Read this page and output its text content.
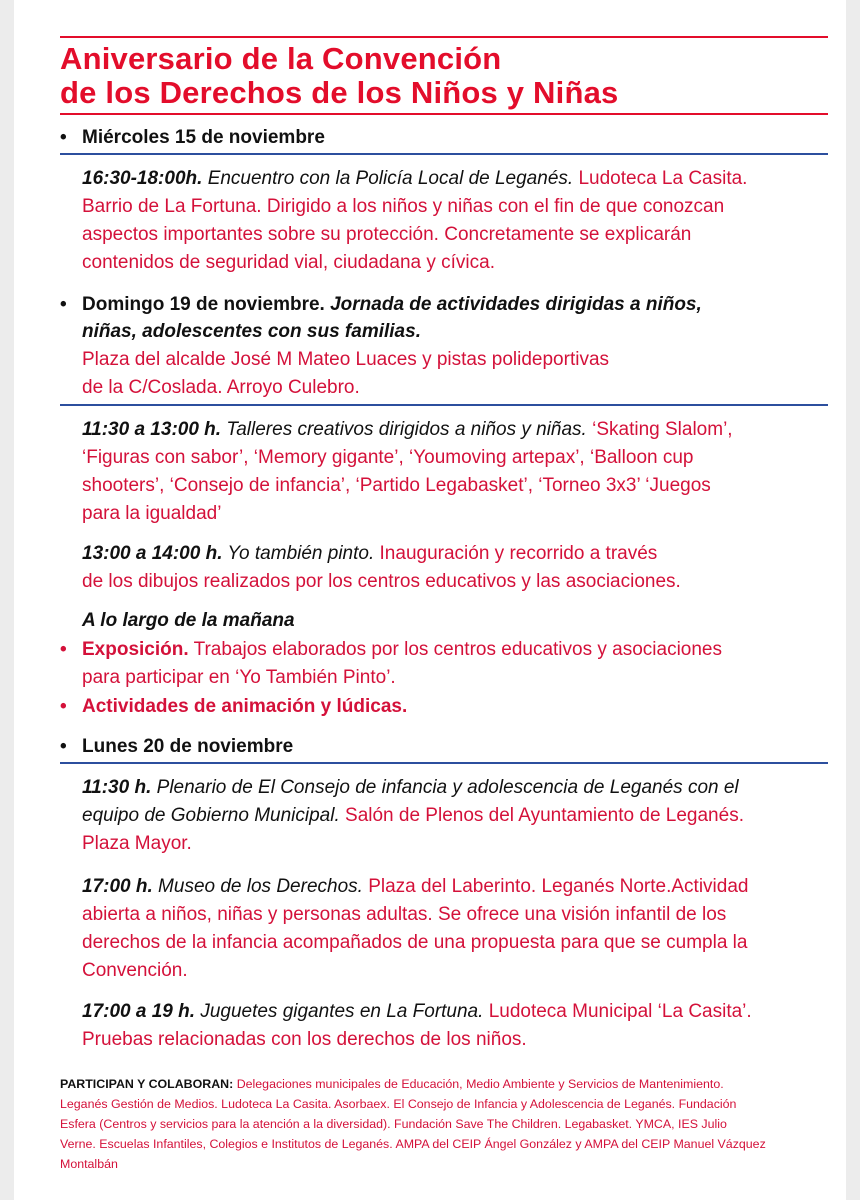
Aniversario de la Convención
de los Derechos de los Niños y Niñas
• Miércoles 15 de noviembre
16:30-18:00h. Encuentro con la Policía Local de Leganés. Ludoteca La Casita.
Barrio de La Fortuna. Dirigido a los niños y niñas con el fin de que conozcan
aspectos importantes sobre su protección. Concretamente se explicarán
contenidos de seguridad vial, ciudadana y cívica.
• Domingo 19 de noviembre. Jornada de actividades dirigidas a niños,
niñas, adolescentes con sus familias.
Plaza del alcalde José M Mateo Luaces y pistas polideportivas
de la C/Coslada. Arroyo Culebro.
11:30 a 13:00 h. Talleres creativos dirigidos a niños y niñas. ‘Skating Slalom’,
‘Figuras con sabor’, ‘Memory gigante’, ‘Youmoving artepax’, ‘Balloon cup
shooters’, ‘Consejo de infancia’, ‘Partido Legabasket’, ‘Torneo 3x3’ ‘Juegos
para la igualdad’
13:00 a 14:00 h. Yo también pinto. Inauguración y recorrido a través
de los dibujos realizados por los centros educativos y las asociaciones.
A lo largo de la mañana
• Exposición. Trabajos elaborados por los centros educativos y asociaciones
para participar en ‘Yo También Pinto’.
• Actividades de animación y lúdicas.
• Lunes 20 de noviembre
11:30 h. Plenario de El Consejo de infancia y adolescencia de Leganés con el
equipo de Gobierno Municipal. Salón de Plenos del Ayuntamiento de Leganés.
Plaza Mayor.
17:00 h. Museo de los Derechos. Plaza del Laberinto. Leganés Norte.Actividad
abierta a niños, niñas y personas adultas. Se ofrece una visión infantil de los
derechos de la infancia acompañados de una propuesta para que se cumpla la
Convención.
17:00 a 19 h. Juguetes gigantes en La Fortuna. Ludoteca Municipal ‘La Casita’.
Pruebas relacionadas con los derechos de los niños.
PARTICIPAN Y COLABORAN: Delegaciones municipales de Educación, Medio Ambiente y Servicios de Mantenimiento.
Leganés Gestión de Medios. Ludoteca La Casita. Asorbaex. El Consejo de Infancia y Adolescencia de Leganés. Fundación
Esfera (Centros y servicios para la atención a la diversidad). Fundación Save The Children. Legabasket. YMCA, IES Julio
Verne. Escuelas Infantiles, Colegios e Institutos de Leganés. AMPA del CEIP Ángel González y AMPA del CEIP Manuel Vázquez
Montalbán
